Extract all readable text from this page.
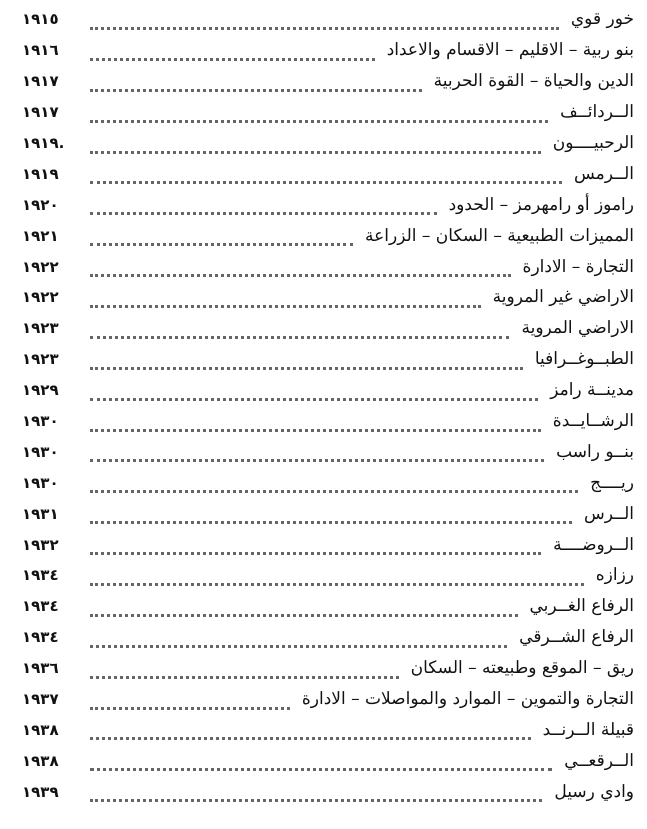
خور قوي
١٩١٥
بنو ربية – الاقليم – الاقسام والاعداد
١٩١٦
الدين والحياة – القوة الحربية
١٩١٧
الــردائــف
١٩١٧
الرحبيــــون
١٩١٩.
الــرمس
١٩١٩
راموز أو رامهرمز – الحدود
١٩٢٠
المميزات الطبيعية – السكان – الزراعة
١٩٢١
التجارة – الادارة
١٩٢٢
الاراضي غير المروية
١٩٢٢
الاراضي المروية
١٩٢٣
الطبــوغــرافيا
١٩٢٣
مدينــة رامز
١٩٢٩
الرشــايــدة
١٩٣٠
بنــو راسب
١٩٣٠
ريــــج
١٩٣٠
الــرس
١٩٣١
الــروضــــة
١٩٣٢
رزازه
١٩٣٤
الرفاع الغــربي
١٩٣٤
الرفاع الشــرقي
١٩٣٤
ريق – الموقع وطبيعته – السكان
١٩٣٦
التجارة والتموين – الموارد والمواصلات – الادارة
١٩٣٧
قبيلة الــرنــد
١٩٣٨
الــرقعــي
١٩٣٨
وادي رسيل
١٩٣٩
